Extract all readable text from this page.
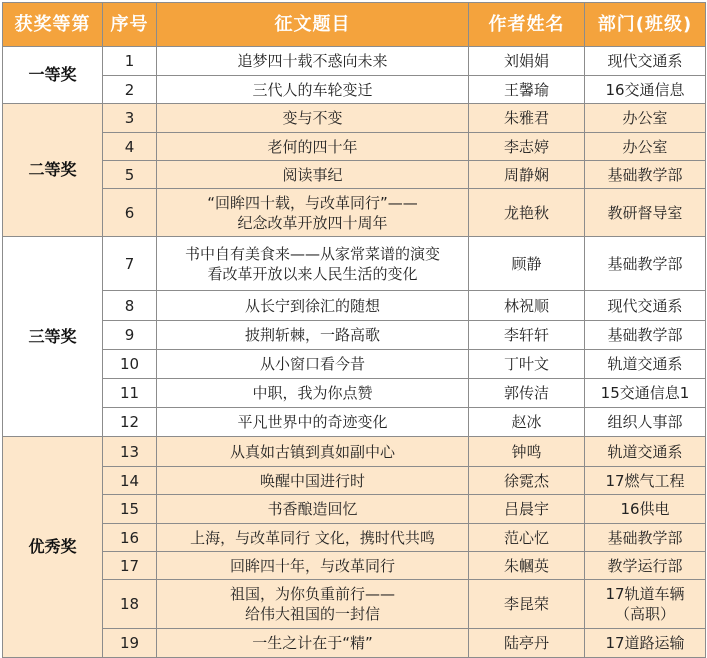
获奖等第	序号	征文题目	作者姓名	部门(班级)
一等奖	1	追梦四十载不惑向未来	刘娟娟	现代交通系

	2	三代人的车轮变迁	王馨瑜	16交通信息

二等奖	3	变与不变	朱雅君	办公室

	4	老何的四十年	李志婷	办公室

	5	阅读事纪	周静娴	基础教学部

	6	“回眸四十载，与改革同行”——
纪念改革开放四十周年	龙艳秋	教研督导室

三等奖	7	书中自有美食来——从家常菜谱的演变
看改革开放以来人民生活的变化	顾静	基础教学部

	8	从长宁到徐汇的随想	林祝顺	现代交通系

	9	披荆斩棘，一路高歌	李轩轩	基础教学部

	10	从小窗口看今昔	丁叶文	轨道交通系

	11	中职，我为你点赞	郭传洁	15交通信息1

	12	平凡世界中的奇迹变化	赵冰	组织人事部

优秀奖	13	从真如古镇到真如副中心	钟鸣	轨道交通系

	14	唤醒中国进行时	徐霓杰	17燃气工程

	15	书香酿造回忆	吕晨宇	16供电

	16	上海，与改革同行 文化，携时代共鸣	范心忆	基础教学部

	17	回眸四十年，与改革同行	朱幗英	教学运行部

	18	祖国，为你负重前行——
给伟大祖国的一封信	李昆荣	17轨道车辆
（高职）

	19	一生之计在于“精”	陆亭丹	17道路运输
